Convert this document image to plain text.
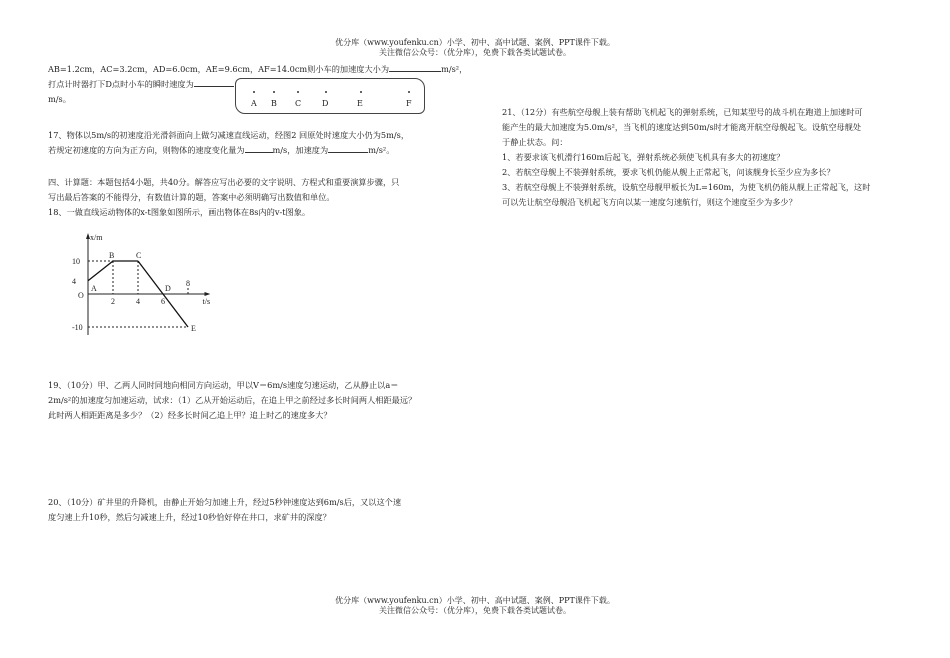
优分库（www.youfenku.cn）小学、初中、高中试题、案例、PPT课件下载。
关注微信公众号：（优分库），免费下载各类试题试卷。
AB=1.2cm，AC=3.2cm，AD=6.0cm，AE=9.6cm，AF=14.0cm则小车的加速度大小为	m/s²，
打点计时器打下D点时小车的瞬时速度为
m/s。	A B C	D	E	F
17、物体以5m/s的初速度沿光滑斜面向上做匀减速直线运动，经图2 回原处时速度大小仍为5m/s，
若规定初速度的方向为正方向，则物体的速度变化量为	m/s，加速度为	m/s²。
四、计算题：本题包括4小题，共40分。解答应写出必要的文字说明、方程式和重要演算步骤，只
写出最后答案的不能得分，有数值计算的题，答案中必须明确写出数值和单位。
18、一做直线运动物体的x-t图象如图所示，画出物体在8s内的v-t图象。
x/m
t/s
O
10
4
-10
2	4	6
8
A
B	C
D
E
19、（10分）甲、乙两人同时同地向相同方向运动，甲以V＝6m/s速度匀速运动，乙从静止以a＝
2m/s²的加速度匀加速运动，试求：（1）乙从开始运动后，在追上甲之前经过多长时间两人相距最远？
此时两人相距距离是多少？（2）经多长时间乙追上甲？追上时乙的速度多大？
20、（10分）矿井里的升降机，由静止开始匀加速上升，经过5秒钟速度达到6m/s后，又以这个速
度匀速上升10秒，然后匀减速上升，经过10秒恰好停在井口，求矿井的深度？
21、（12分）有些航空母舰上装有帮助飞机起飞的弹射系统，已知某型号的战斗机在跑道上加速时可
能产生的最大加速度为5.0m/s²，当飞机的速度达到50m/s时才能离开航空母舰起飞。设航空母舰处
于静止状态。问：
1、若要求该飞机滑行160m后起飞，弹射系统必须使飞机具有多大的初速度？
2、若航空母舰上不装弹射系统，要求飞机仍能从舰上正常起飞，问该舰身长至少应为多长？
3、若航空母舰上不装弹射系统，设航空母舰甲板长为L=160m，为使飞机仍能从舰上正常起飞，这时
可以先让航空母舰沿飞机起飞方向以某一速度匀速航行，则这个速度至少为多少？
优分库（www.youfenku.cn）小学、初中、高中试题、案例、PPT课件下载。
关注微信公众号：（优分库），免费下载各类试题试卷。
